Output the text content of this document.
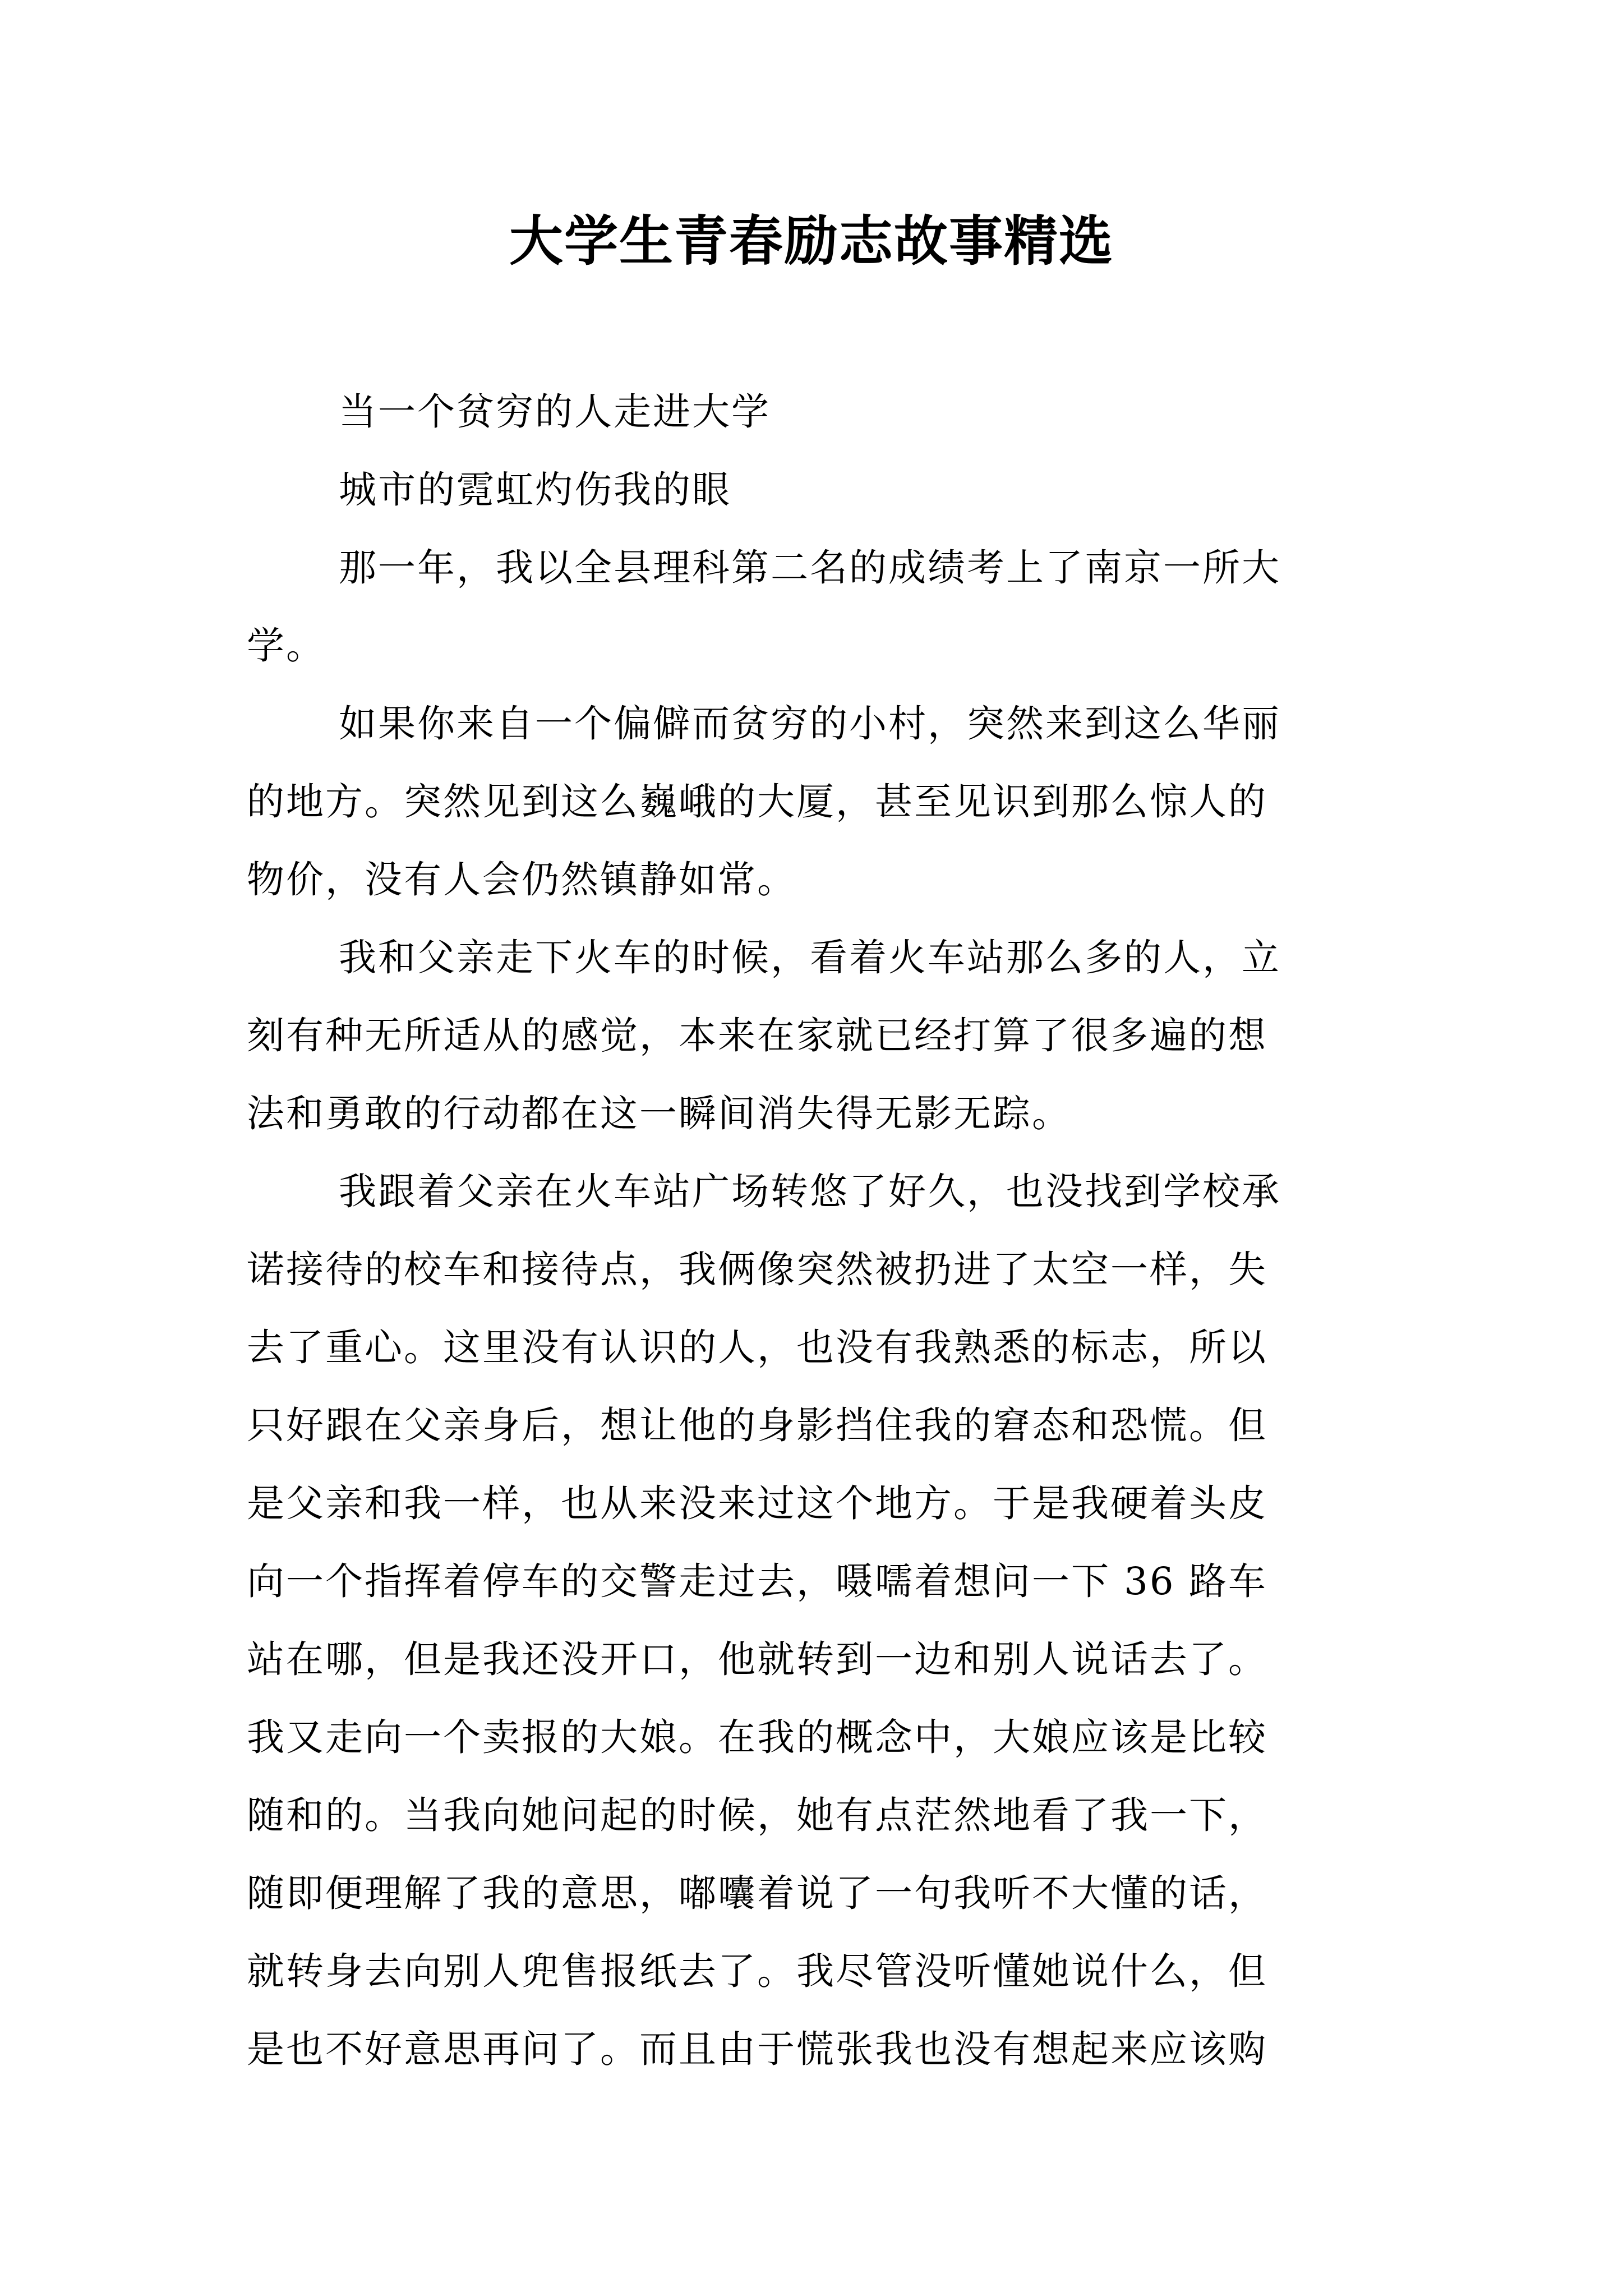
大学生青春励志故事精选
当一个贫穷的人走进大学
城市的霓虹灼伤我的眼
那一年，我以全县理科第二名的成绩考上了南京一所大
学。
如果你来自一个偏僻而贫穷的小村，突然来到这么华丽
的地方。突然见到这么巍峨的大厦，甚至见识到那么惊人的
物价，没有人会仍然镇静如常。
我和父亲走下火车的时候，看着火车站那么多的人，立
刻有种无所适从的感觉，本来在家就已经打算了很多遍的想
法和勇敢的行动都在这一瞬间消失得无影无踪。
我跟着父亲在火车站广场转悠了好久，也没找到学校承
诺接待的校车和接待点，我俩像突然被扔进了太空一样，失
去了重心。这里没有认识的人，也没有我熟悉的标志，所以
只好跟在父亲身后，想让他的身影挡住我的窘态和恐慌。但
是父亲和我一样，也从来没来过这个地方。于是我硬着头皮
向一个指挥着停车的交警走过去，嗫嚅着想问一下 36 路车
站在哪，但是我还没开口，他就转到一边和别人说话去了。
我又走向一个卖报的大娘。在我的概念中，大娘应该是比较
随和的。当我向她问起的时候，她有点茫然地看了我一下，
随即便理解了我的意思，嘟囔着说了一句我听不大懂的话，
就转身去向别人兜售报纸去了。我尽管没听懂她说什么，但
是也不好意思再问了。而且由于慌张我也没有想起来应该购
